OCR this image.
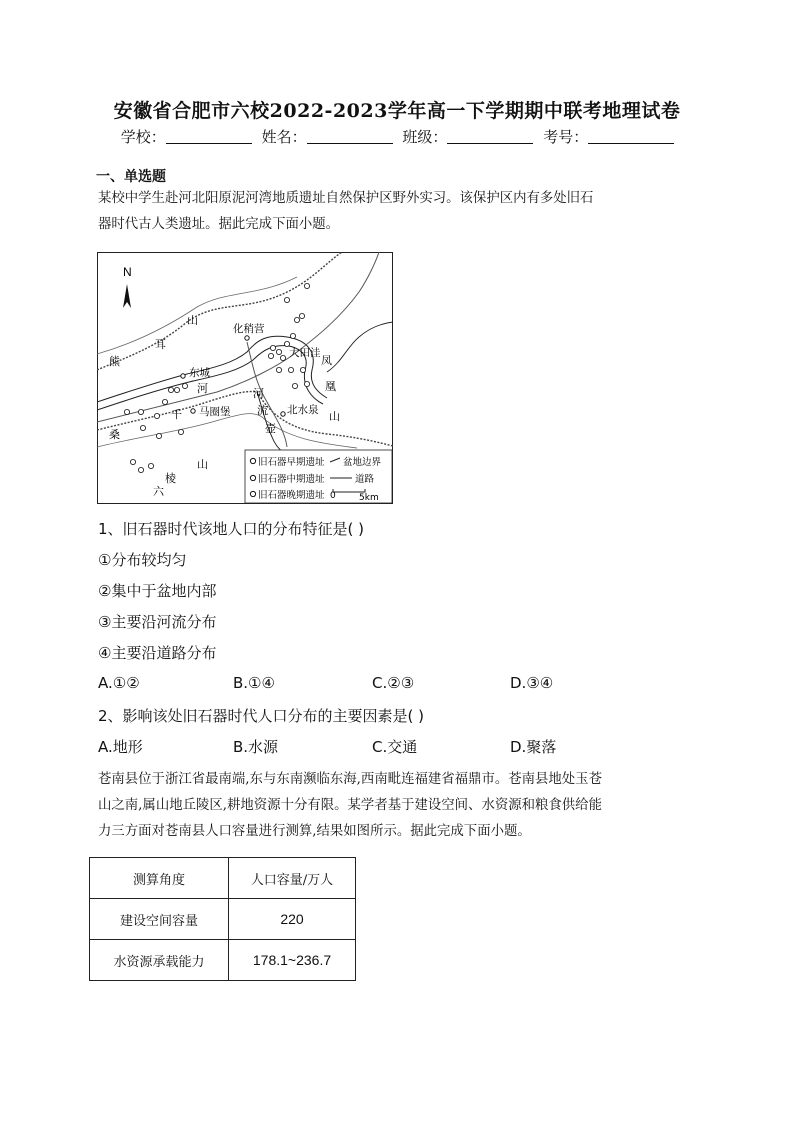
安徽省合肥市六校2022-2023学年高一下学期期中联考地理试卷
学校：	姓名：	班级：	考号：
一、单选题
某校中学生赴河北阳原泥河湾地质遗址自然保护区野外实习。该保护区内有多处旧石
器时代古人类遗址。据此完成下面小题。
N
山
耳
熊
千
桑
棱
山
六
凤
凰
山
河	河
流
壶
化稍营
大田洼
东城
马圈堡	北水泉
旧石器早期遗址
旧石器中期遗址
旧石器晚期遗址
盆地边界
道路
0	5km
1、旧石器时代该地人口的分布特征是( )
①分布较均匀
②集中于盆地内部
③主要沿河流分布
④主要沿道路分布
A.①②	B.①④	C.②③	D.③④
2、影响该处旧石器时代人口分布的主要因素是( )
A.地形	B.水源	C.交通	D.聚落
苍南县位于浙江省最南端,东与东南濒临东海,西南毗连福建省福鼎市。苍南县地处玉苍
山之南,属山地丘陵区,耕地资源十分有限。某学者基于建设空间、水资源和粮食供给能
力三方面对苍南县人口容量进行测算,结果如图所示。据此完成下面小题。
测算角度	人口容量/万人
建设空间容量	220
水资源承载能力	178.1~236.7
